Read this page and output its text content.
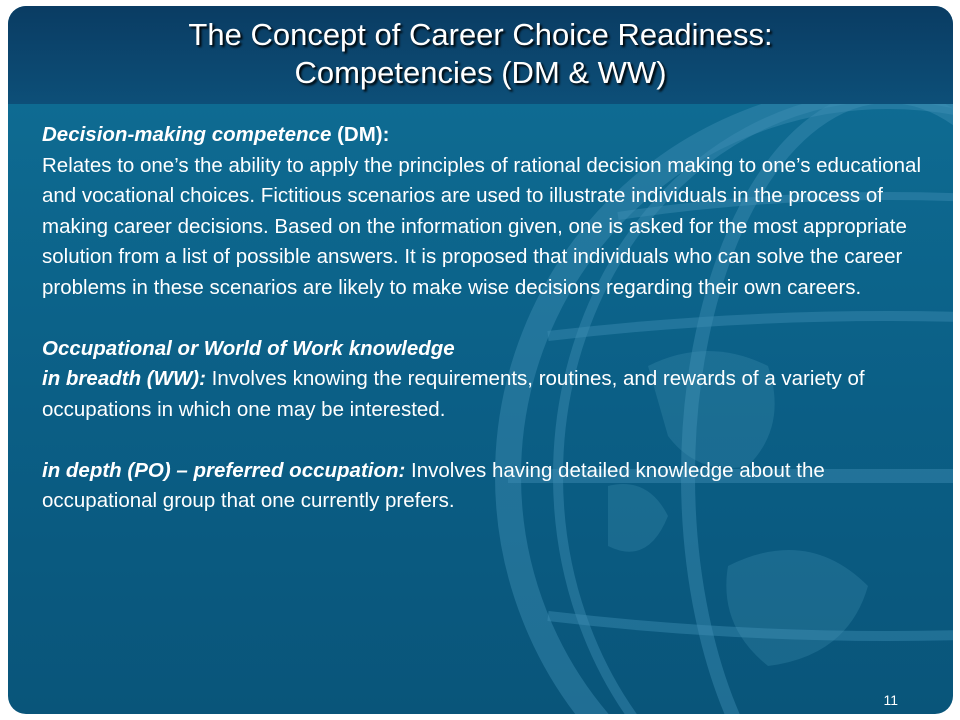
The Concept of Career Choice Readiness:
Competencies (DM & WW)

Decision-making competence (DM):

Relates to one’s the ability to apply the principles of rational decision making to one’s educational and vocational choices. Fictitious scenarios are used to illustrate individuals in the process of making career decisions. Based on the information given, one is asked for the most appropriate solution from a list of possible answers. It is proposed that individuals who can solve the career problems in these scenarios are likely to make wise decisions regarding their own careers.

Occupational or World of Work knowledge

in breadth (WW): Involves knowing the requirements, routines, and rewards of a variety of occupations in which one may be interested.

in depth (PO) – preferred occupation: Involves having detailed knowledge about the occupational group that one currently prefers.

11
